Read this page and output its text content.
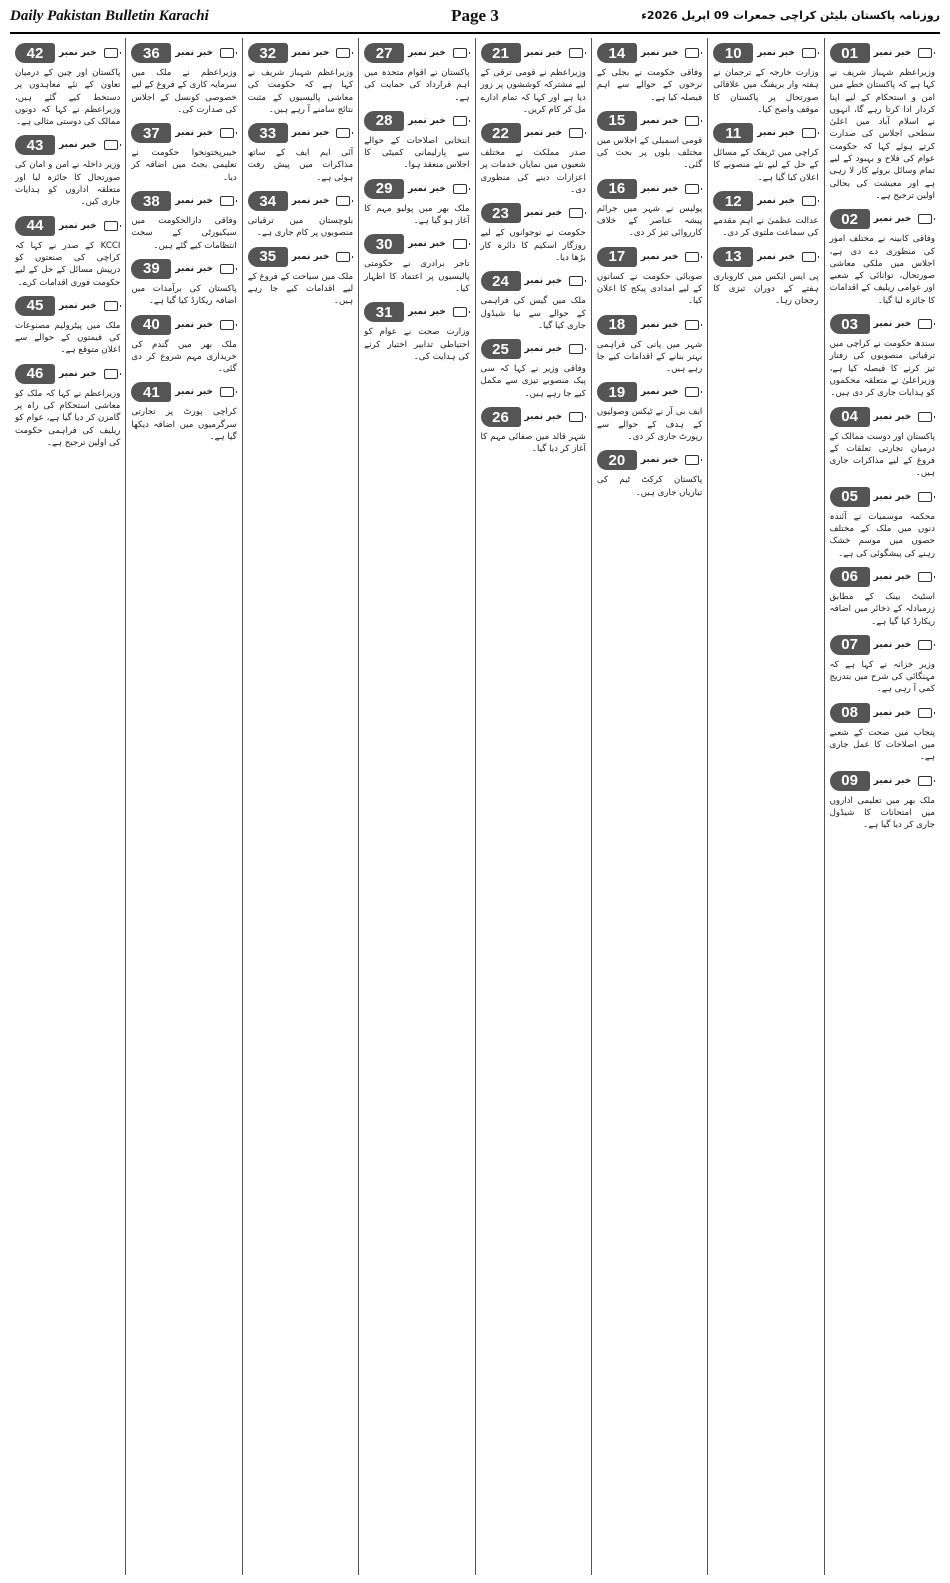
Daily Pakistan Bulletin Karachi	Page 3	روزنامہ پاکستان بلیٹن کراچی جمعرات 09 اپریل 2026ء
01	خبر نمبر
وزیراعظم شہباز شریف نے کہا ہے کہ پاکستان خطے میں امن و استحکام کے لیے اپنا کردار ادا کرتا رہے گا، انہوں نے اسلام آباد میں اعلیٰ سطحی اجلاس کی صدارت کرتے ہوئے کہا کہ حکومت عوام کی فلاح و بہبود کے لیے تمام وسائل بروئے کار لا رہی ہے اور معیشت کی بحالی اولین ترجیح ہے۔
02	خبر نمبر
وفاقی کابینہ نے مختلف امور کی منظوری دے دی ہے، اجلاس میں ملکی معاشی صورتحال، توانائی کے شعبے اور عوامی ریلیف کے اقدامات کا جائزہ لیا گیا۔
03	خبر نمبر
سندھ حکومت نے کراچی میں ترقیاتی منصوبوں کی رفتار تیز کرنے کا فیصلہ کیا ہے، وزیراعلیٰ نے متعلقہ محکموں کو ہدایات جاری کر دی ہیں۔
04	خبر نمبر
پاکستان اور دوست ممالک کے درمیان تجارتی تعلقات کے فروغ کے لیے مذاکرات جاری ہیں۔
05	خبر نمبر
محکمہ موسمیات نے آئندہ دنوں میں ملک کے مختلف حصوں میں موسم خشک رہنے کی پیشگوئی کی ہے۔
06	خبر نمبر
اسٹیٹ بینک کے مطابق زرمبادلہ کے ذخائر میں اضافہ ریکارڈ کیا گیا ہے۔
07	خبر نمبر
وزیر خزانہ نے کہا ہے کہ مہنگائی کی شرح میں بتدریج کمی آ رہی ہے۔
08	خبر نمبر
پنجاب میں صحت کے شعبے میں اصلاحات کا عمل جاری ہے۔
09	خبر نمبر
ملک بھر میں تعلیمی اداروں میں امتحانات کا شیڈول جاری کر دیا گیا ہے۔
10	خبر نمبر
وزارت خارجہ کے ترجمان نے ہفتہ وار بریفنگ میں علاقائی صورتحال پر پاکستان کا موقف واضح کیا۔
11	خبر نمبر
کراچی میں ٹریفک کے مسائل کے حل کے لیے نئے منصوبے کا اعلان کیا گیا ہے۔
12	خبر نمبر
عدالت عظمیٰ نے اہم مقدمے کی سماعت ملتوی کر دی۔
13	خبر نمبر
پی ایس ایکس میں کاروباری ہفتے کے دوران تیزی کا رجحان رہا۔
14	خبر نمبر
وفاقی حکومت نے بجلی کے نرخوں کے حوالے سے اہم فیصلہ کیا ہے۔
15	خبر نمبر
قومی اسمبلی کے اجلاس میں مختلف بلوں پر بحث کی گئی۔
16	خبر نمبر
پولیس نے شہر میں جرائم پیشہ عناصر کے خلاف کارروائی تیز کر دی۔
17	خبر نمبر
صوبائی حکومت نے کسانوں کے لیے امدادی پیکج کا اعلان کیا۔
18	خبر نمبر
شہر میں پانی کی فراہمی بہتر بنانے کے اقدامات کیے جا رہے ہیں۔
19	خبر نمبر
ایف بی آر نے ٹیکس وصولیوں کے ہدف کے حوالے سے رپورٹ جاری کر دی۔
20	خبر نمبر
پاکستان کرکٹ ٹیم کی تیاریاں جاری ہیں۔
21	خبر نمبر
وزیراعظم نے قومی ترقی کے لیے مشترکہ کوششوں پر زور دیا ہے اور کہا کہ تمام ادارے مل کر کام کریں۔
22	خبر نمبر
صدر مملکت نے مختلف شعبوں میں نمایاں خدمات پر اعزازات دینے کی منظوری دی۔
23	خبر نمبر
حکومت نے نوجوانوں کے لیے روزگار اسکیم کا دائرہ کار بڑھا دیا۔
24	خبر نمبر
ملک میں گیس کی فراہمی کے حوالے سے نیا شیڈول جاری کیا گیا۔
25	خبر نمبر
وفاقی وزیر نے کہا کہ سی پیک منصوبے تیزی سے مکمل کیے جا رہے ہیں۔
26	خبر نمبر
شہر قائد میں صفائی مہم کا آغاز کر دیا گیا۔
27	خبر نمبر
پاکستان نے اقوام متحدہ میں اہم قرارداد کی حمایت کی ہے۔
28	خبر نمبر
انتخابی اصلاحات کے حوالے سے پارلیمانی کمیٹی کا اجلاس منعقد ہوا۔
29	خبر نمبر
ملک بھر میں پولیو مہم کا آغاز ہو گیا ہے۔
30	خبر نمبر
تاجر برادری نے حکومتی پالیسیوں پر اعتماد کا اظہار کیا۔
31	خبر نمبر
وزارت صحت نے عوام کو احتیاطی تدابیر اختیار کرنے کی ہدایت کی۔
32	خبر نمبر
وزیراعظم شہباز شریف نے کہا ہے کہ حکومت کی معاشی پالیسیوں کے مثبت نتائج سامنے آ رہے ہیں۔
33	خبر نمبر
آئی ایم ایف کے ساتھ مذاکرات میں پیش رفت ہوئی ہے۔
34	خبر نمبر
بلوچستان میں ترقیاتی منصوبوں پر کام جاری ہے۔
35	خبر نمبر
ملک میں سیاحت کے فروغ کے لیے اقدامات کیے جا رہے ہیں۔
36	خبر نمبر
وزیراعظم نے ملک میں سرمایہ کاری کے فروغ کے لیے خصوصی کونسل کے اجلاس کی صدارت کی۔
37	خبر نمبر
خیبرپختونخوا حکومت نے تعلیمی بجٹ میں اضافہ کر دیا۔
38	خبر نمبر
وفاقی دارالحکومت میں سیکیورٹی کے سخت انتظامات کیے گئے ہیں۔
39	خبر نمبر
پاکستان کی برآمدات میں اضافہ ریکارڈ کیا گیا ہے۔
40	خبر نمبر
ملک بھر میں گندم کی خریداری مہم شروع کر دی گئی۔
41	خبر نمبر
کراچی پورٹ پر تجارتی سرگرمیوں میں اضافہ دیکھا گیا ہے۔
42	خبر نمبر
پاکستان اور چین کے درمیان تعاون کے نئے معاہدوں پر دستخط کیے گئے ہیں، وزیراعظم نے کہا کہ دونوں ممالک کی دوستی مثالی ہے۔
43	خبر نمبر
وزیر داخلہ نے امن و امان کی صورتحال کا جائزہ لیا اور متعلقہ اداروں کو ہدایات جاری کیں۔
44	خبر نمبر
KCCI کے صدر نے کہا کہ کراچی کی صنعتوں کو درپیش مسائل کے حل کے لیے حکومت فوری اقدامات کرے۔
45	خبر نمبر
ملک میں پیٹرولیم مصنوعات کی قیمتوں کے حوالے سے اعلان متوقع ہے۔
46	خبر نمبر
وزیراعظم نے کہا کہ ملک کو معاشی استحکام کی راہ پر گامزن کر دیا گیا ہے، عوام کو ریلیف کی فراہمی حکومت کی اولین ترجیح ہے۔
